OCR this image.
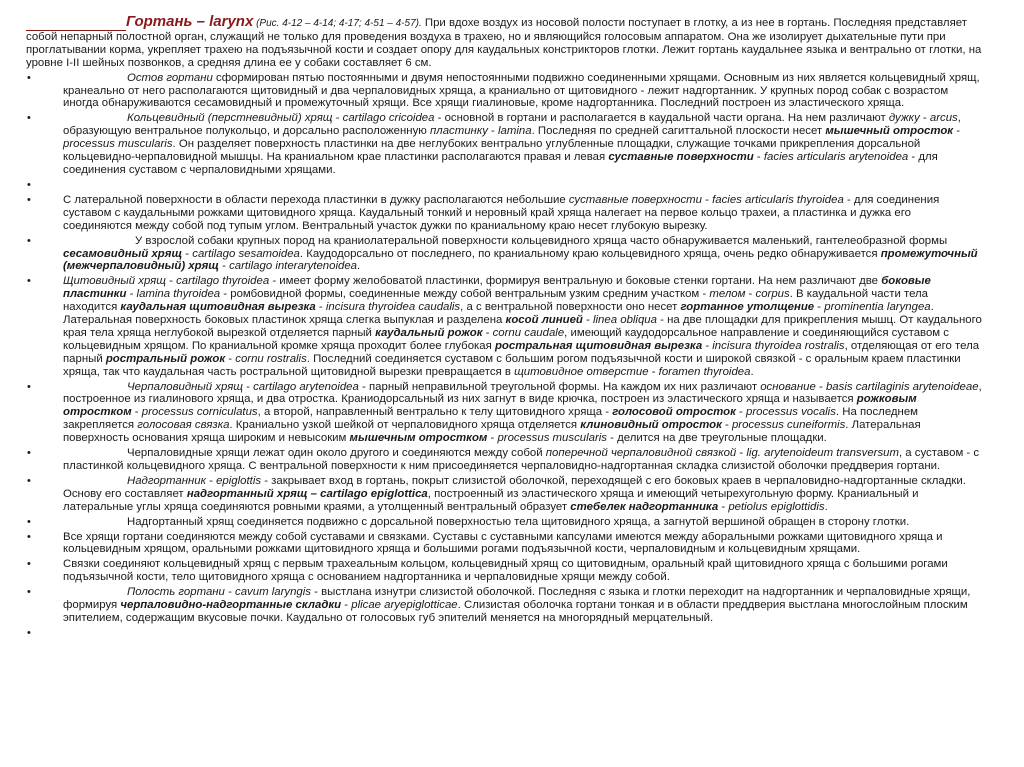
Гортань – larynx (Рис. 4-12 – 4-14; 4-17; 4-51 – 4-57). При вдохе воздух из носовой полости поступает в глотку, а из нее в гортань. Последняя представляет собой непарный полостной орган, служащий не только для проведения воздуха в трахею, но и являющийся голосовым аппаратом. Она же изолирует дыхательные пути при проглатывании корма, укрепляет трахею на подъязычной кости и создает опору для каудальных констрикторов глотки. Лежит гортань каудальнее языка и вентрально от глотки, на уровне I-II шейных позвонков, а средняя длина ее у собаки составляет 6 см.
•	Остов гортани сформирован пятью постоянными и двумя непостоянными подвижно соединенными хрящами. Основным из них является кольцевидный хрящ, кранеально от него располагаются щитовидный и два черпаловидных хряща, а краниально от щитовидного - лежит надгортанник. У крупных пород собак с возрастом иногда обнаруживаются сесамовидный и промежуточный хрящи. Все хрящи гиалиновые, кроме надгортанника. Последний построен из эластического хряща.
•	Кольцевидный (перстневидный) хрящ - cartilago cricoidea - основной в гортани и располагается в каудальной части органа. На нем различают дужку - arcus, образующую вентральное полукольцо, и дорсально расположенную пластинку - lamina. Последняя по средней сагиттальной плоскости несет мышечный отросток - processus muscularis. Он разделяет поверхность пластинки на две неглубоких вентрально углубленные площадки, служащие точками прикрепления дорсальной кольцевидно-черпаловидной мышцы. На краниальном крае пластинки располагаются правая и левая суставные поверхности - facies articularis arytenoidea - для соединения суставом с черпаловидными хрящами.
•
•	С латеральной поверхности в области перехода пластинки в дужку располагаются небольшие суставные поверхности - facies articularis thyroidea - для соединения суставом с каудальными рожками щитовидного хряща. Каудальный тонкий и неровный край хряща налегает на первое кольцо трахеи, а пластинка и дужка его соединяются между собой под тупым углом. Вентральный участок дужки по краниальному краю несет глубокую вырезку.
•	У взрослой собаки крупных пород на краниолатеральной поверхности кольцевидного хряща часто обнаруживается маленький, гантелеобразной формы сесамовидный хрящ - cartilago sesamoidea. Каудодорсально от последнего, по краниальному краю кольцевидного хряща, очень редко обнаруживается промежуточный (межчерпаловидный) хрящ - cartilago interarytenoidea.
•	Щитовидный хрящ - cartilago thyroidea - имеет форму желобоватой пластинки, формируя вентральную и боковые стенки гортани. На нем различают две боковые пластинки - lamina thyroidea - ромбовидной формы, соединенные между собой вентральным узким средним участком - телом - corpus. В каудальной части тела находится каудальная щитовидная вырезка - incisura thyroidea caudalis, а с вентральной поверхности оно несет гортанное утолщение - prominentia laryngea. Латеральная поверхность боковых пластинок хряща слегка выпуклая и разделена косой линией - linea obliqua - на две площадки для прикрепления мышц. От каудального края тела хряща неглубокой вырезкой отделяется парный каудальный рожок - cornu caudale, имеющий каудодорсальное направление и соединяющийся суставом с кольцевидным хрящом. По краниальной кромке хряща проходит более глубокая ростральная щитовидная вырезка - incisura thyroidea rostralis, отделяющая от его тела парный ростральный рожок - cornu rostralis. Последний соединяется суставом с большим рогом подъязычной кости и широкой связкой - с оральным краем пластинки хряща, так что каудальная часть ростральной щитовидной вырезки превращается в щитовидное отверстие - foramen thyroidea.
•	Черпаловидный хрящ - cartilago arytenoidea - парный неправильной треугольной формы. На каждом их них различают основание - basis cartilaginis arytenoideae, построенное из гиалинового хряща, и два отростка. Краниодорсальный из них загнут в виде крючка, построен из эластического хряща и называется рожковым отростком - processus corniculatus, а второй, направленный вентрально к телу щитовидного хряща - голосовой отросток - processus vocalis. На последнем закрепляется голосовая связка. Краниально узкой шейкой от черпаловидного хряща отделяется клиновидный отросток - processus cuneiformis. Латеральная поверхность основания хряща широким и невысоким мышечным отростком - processus muscularis - делится на две треугольные площадки.
•	Черпаловидные хрящи лежат один около другого и соединяются между собой поперечной черпаловидной связкой - lig. arytenoideum transversum, а суставом - с пластинкой кольцевидного хряща. С вентральной поверхности к ним присоединяется черпаловидно-надгортанная складка слизистой оболочки преддверия гортани.
•	Надгортанник - epiglottis - закрывает вход в гортань, покрыт слизистой оболочкой, переходящей с его боковых краев в черпаловидно-надгортанные складки. Основу его составляет надгортанный хрящ – cartilago epiglottica, построенный из эластического хряща и имеющий четырехугольную форму. Краниальный и латеральные углы хряща соединяются ровными краями, а утолщенный вентральный образует стебелек надгортанника - petiolus epiglottidis.
•	Надгортанный хрящ соединяется подвижно с дорсальной поверхностью тела щитовидного хряща, а загнутой вершиной обращен в сторону глотки.
•	Все хрящи гортани соединяются между собой суставами и связками. Суставы с суставными капсулами имеются между аборальными рожками щитовидного хряща и кольцевидным хрящом, оральными рожками щитовидного хряща и большими рогами подъязычной кости, черпаловидным и кольцевидным хрящами.
•	Связки соединяют кольцевидный хрящ с первым трахеальным кольцом, кольцевидный хрящ со щитовидным, оральный край щитовидного хряща с большими рогами подъязычной кости, тело щитовидного хряща с основанием надгортанника и черпаловидные хрящи между собой.
•	Полость гортани - cavum laryngis - выстлана изнутри слизистой оболочкой. Последняя с языка и глотки переходит на надгортанник и черпаловидные хрящи, формируя черпаловидно-надгортанные складки - plicae aryepiglotticae. Слизистая оболочка гортани тонкая и в области преддверия выстлана многослойным плоским эпителием, содержащим вкусовые почки. Каудально от голосовых губ эпителий меняется на многорядный мерцательный.
•
